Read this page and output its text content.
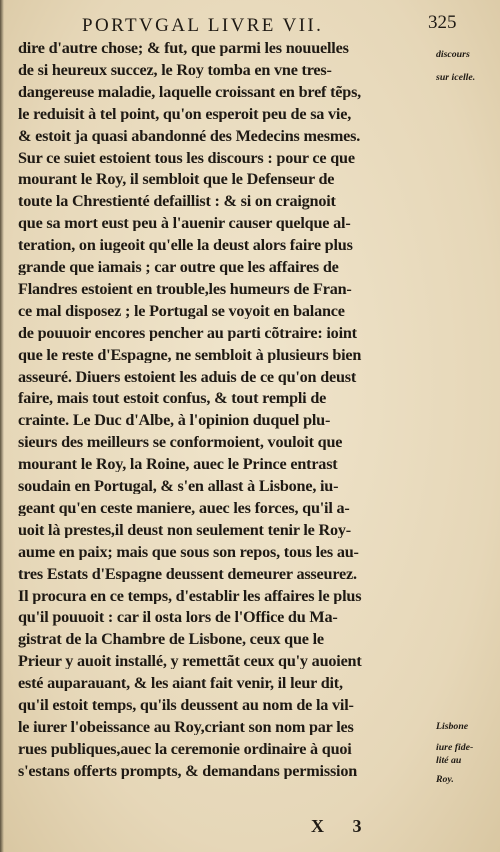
PORTVGAL LIVRE VII.	325
dire d'autre chose; & fut, que parmi les nouuelles
de si heureux succez, le Roy tomba en vne tres-
dangereuse maladie, laquelle croissant en bref tẽps,
le reduisit à tel point, qu'on esperoit peu de sa vie,
& estoit ja quasi abandonné des Medecins mesmes.
Sur ce suiet estoient tous les discours : pour ce que
mourant le Roy, il sembloit que le Defenseur de
toute la Chrestienté defaillist : & si on craignoit
que sa mort eust peu à l'auenir causer quelque al-
teration, on iugeoit qu'elle la deust alors faire plus
grande que iamais ; car outre que les affaires de
Flandres estoient en trouble,les humeurs de Fran-
ce mal disposez ; le Portugal se voyoit en balance
de pouuoir encores pencher au parti cõtraire: ioint
que le reste d'Espagne, ne sembloit à plusieurs bien
asseuré. Diuers estoient les aduis de ce qu'on deust
faire, mais tout estoit confus, & tout rempli de
crainte. Le Duc d'Albe, à l'opinion duquel plu-
sieurs des meilleurs se conformoient, vouloit que
mourant le Roy, la Roine, auec le Prince entrast
soudain en Portugal, & s'en allast à Lisbone, iu-
geant qu'en ceste maniere, auec les forces, qu'il a-
uoit là prestes,il deust non seulement tenir le Roy-
aume en paix; mais que sous son repos, tous les au-
tres Estats d'Espagne deussent demeurer asseurez.
Il procura en ce temps, d'establir les affaires le plus
qu'il pouuoit : car il osta lors de l'Office du Ma-
gistrat de la Chambre de Lisbone, ceux que le
Prieur y auoit installé, y remettãt ceux qu'y auoient
esté auparauant, & les aiant fait venir, il leur dit,
qu'il estoit temps, qu'ils deussent au nom de la vil-
le iurer l'obeissance au Roy,criant son nom par les
rues publiques,auec la ceremonie ordinaire à quoi
s'estans offerts prompts, & demandans permission
discours
sur icelle.
Lisbone
iure fide-
lité au
Roy.
X 3
